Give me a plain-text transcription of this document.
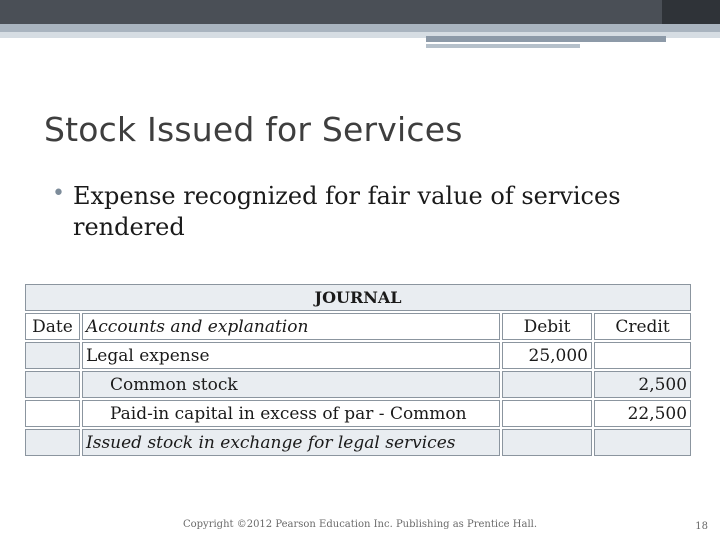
Stock Issued for Services
• Expense recognized for fair value of services rendered
JOURNAL			
Date	Accounts and explanation	Debit	Credit
	Legal expense	25,000	
	Common stock		2,500
	Paid-in capital in excess of par - Common		22,500
	Issued stock in exchange for legal services		
Copyright ©2012 Pearson Education Inc. Publishing as Prentice Hall.	18
